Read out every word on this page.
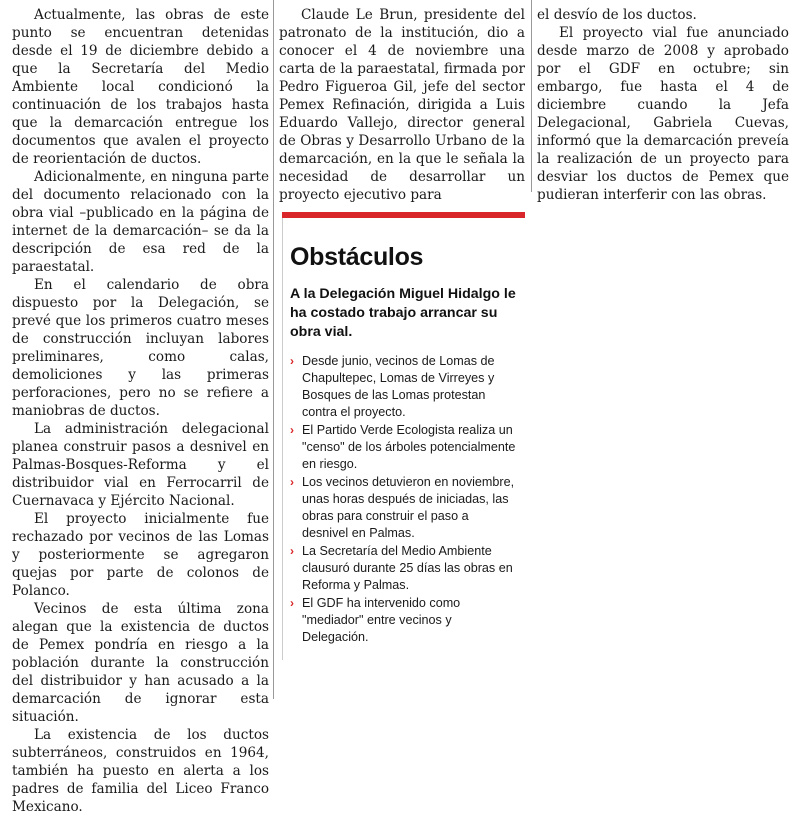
Actualmente, las obras de este punto se encuentran detenidas desde el 19 de diciembre debido a que la Secretaría del Medio Ambiente local condicionó la continuación de los trabajos hasta que la demarcación entregue los documentos que avalen el proyecto de reorientación de ductos.

Adicionalmente, en ninguna parte del documento relacionado con la obra vial –publicado en la página de internet de la demarcación– se da la descripción de esa red de la paraestatal.

En el calendario de obra dispuesto por la Delegación, se prevé que los primeros cuatro meses de construcción incluyan labores preliminares, como calas, demoliciones y las primeras perforaciones, pero no se refiere a maniobras de ductos.

La administración delegacional planea construir pasos a desnivel en Palmas-Bosques-Reforma y el distribuidor vial en Ferrocarril de Cuernavaca y Ejército Nacional.

El proyecto inicialmente fue rechazado por vecinos de las Lomas y posteriormente se agregaron quejas por parte de colonos de Polanco.

Vecinos de esta última zona alegan que la existencia de ductos de Pemex pondría en riesgo a la población durante la construcción del distribuidor y han acusado a la demarcación de ignorar esta situación.

La existencia de los ductos subterráneos, construidos en 1964, también ha puesto en alerta a los padres de familia del Liceo Franco Mexicano.

Claude Le Brun, presidente del patronato de la institución, dio a conocer el 4 de noviembre una carta de la paraestatal, firmada por Pedro Figueroa Gil, jefe del sector Pemex Refinación, dirigida a Luis Eduardo Vallejo, director general de Obras y Desarrollo Urbano de la demarcación, en la que le señala la necesidad de desarrollar un proyecto ejecutivo para

el desvío de los ductos.

El proyecto vial fue anunciado desde marzo de 2008 y aprobado por el GDF en octubre; sin embargo, fue hasta el 4 de diciembre cuando la Jefa Delegacional, Gabriela Cuevas, informó que la demarcación preveía la realización de un proyecto para desviar los ductos de Pemex que pudieran interferir con las obras.

Obstáculos
A la Delegación Miguel Hidalgo le ha costado trabajo arrancar su obra vial.
› Desde junio, vecinos de Lomas de Chapultepec, Lomas de Virreyes y Bosques de las Lomas protestan contra el proyecto.
› El Partido Verde Ecologista realiza un "censo" de los árboles potencialmente en riesgo.
› Los vecinos detuvieron en noviembre, unas horas después de iniciadas, las obras para construir el paso a desnivel en Palmas.
› La Secretaría del Medio Ambiente clausuró durante 25 días las obras en Reforma y Palmas.
› El GDF ha intervenido como "mediador" entre vecinos y Delegación.
